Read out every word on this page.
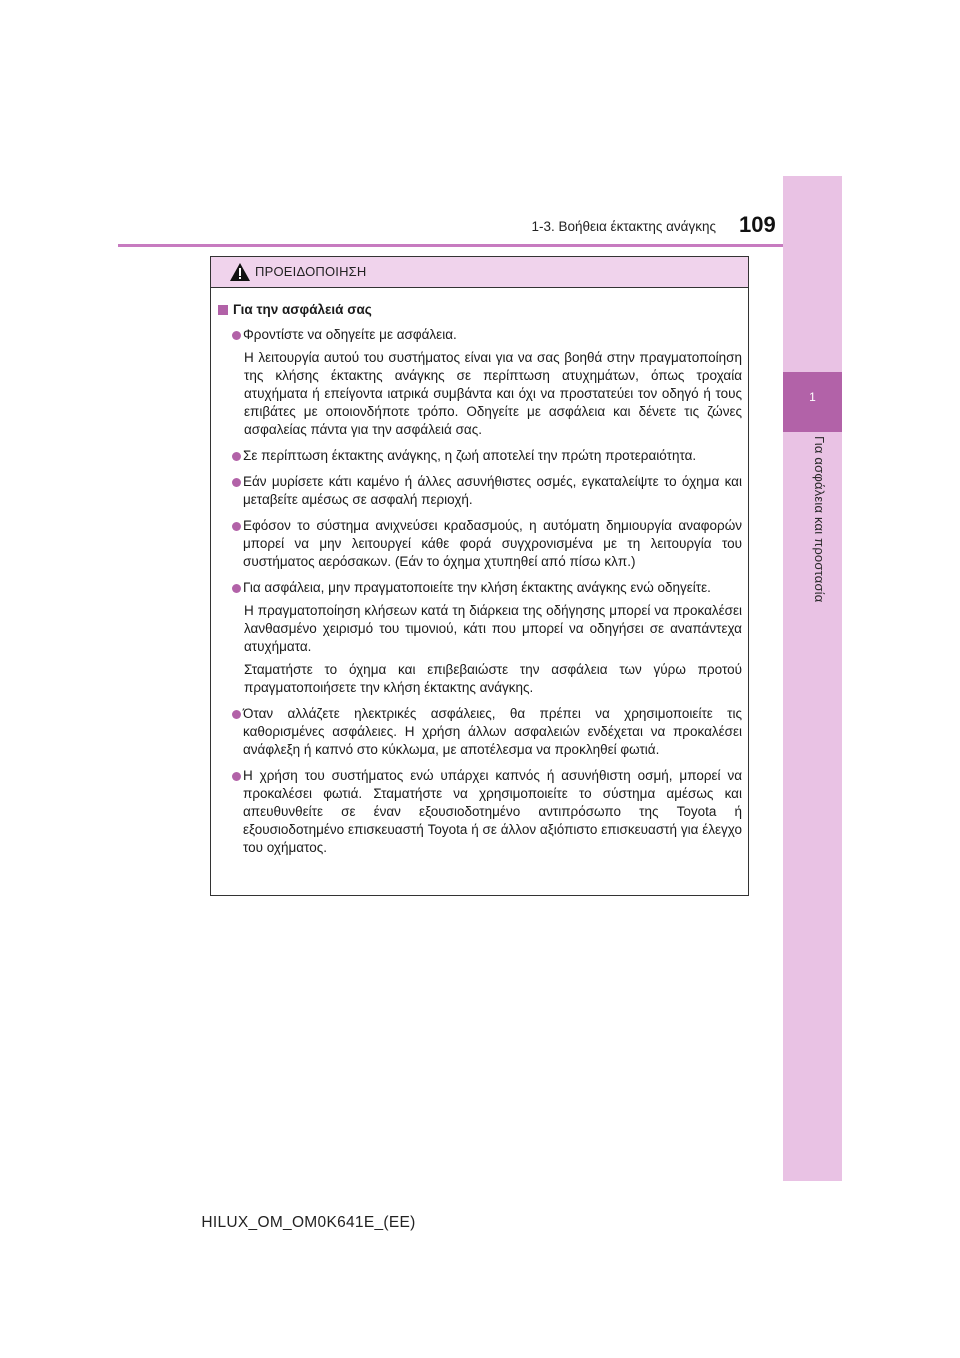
1
Για ασφάλεια και προστασία
1-3. Βοήθεια έκτακτης ανάγκης 109
ΠΡΟΕΙΔΟΠΟΙΗΣΗ
Για την ασφάλειά σας

Φροντίστε να οδηγείτε με ασφάλεια.

Η λειτουργία αυτού του συστήματος είναι για να σας βοηθά στην πραγματοποίηση της κλήσης έκτακτης ανάγκης σε περίπτωση ατυχημάτων, όπως τροχαία ατυχήματα ή επείγοντα ιατρικά συμβάντα και όχι να προστατεύει τον οδηγό ή τους επιβάτες με οποιονδήποτε τρόπο. Οδηγείτε με ασφάλεια και δένετε τις ζώνες ασφαλείας πάντα για την ασφάλειά σας.

Σε περίπτωση έκτακτης ανάγκης, η ζωή αποτελεί την πρώτη προτεραιότητα.

Εάν μυρίσετε κάτι καμένο ή άλλες ασυνήθιστες οσμές, εγκαταλείψτε το όχημα και μεταβείτε αμέσως σε ασφαλή περιοχή.

Εφόσον το σύστημα ανιχνεύσει κραδασμούς, η αυτόματη δημιουργία αναφορών μπορεί να μην λειτουργεί κάθε φορά συγχρονισμένα με τη λειτουργία του συστήματος αερόσακων. (Εάν το όχημα χτυπηθεί από πίσω κλπ.)

Για ασφάλεια, μην πραγματοποιείτε την κλήση έκτακτης ανάγκης ενώ οδηγείτε.

Η πραγματοποίηση κλήσεων κατά τη διάρκεια της οδήγησης μπορεί να προκαλέσει λανθασμένο χειρισμό του τιμονιού, κάτι που μπορεί να οδηγήσει σε αναπάντεχα ατυχήματα.

Σταματήστε το όχημα και επιβεβαιώστε την ασφάλεια των γύρω προτού πραγματοποιήσετε την κλήση έκτακτης ανάγκης.

Όταν αλλάζετε ηλεκτρικές ασφάλειες, θα πρέπει να χρησιμοποιείτε τις καθορισμένες ασφάλειες. Η χρήση άλλων ασφαλειών ενδέχεται να προκαλέσει ανάφλεξη ή καπνό στο κύκλωμα, με αποτέλεσμα να προκληθεί φωτιά.

Η χρήση του συστήματος ενώ υπάρχει καπνός ή ασυνήθιστη οσμή, μπορεί να προκαλέσει φωτιά. Σταματήστε να χρησιμοποιείτε το σύστημα αμέσως και απευθυνθείτε σε έναν εξουσιοδοτημένο αντιπρόσωπο της Toyota ή εξουσιοδοτημένο επισκευαστή Toyota ή σε άλλον αξιόπιστο επισκευαστή για έλεγχο του οχήματος.

HILUX_OM_OM0K641E_(EE)
